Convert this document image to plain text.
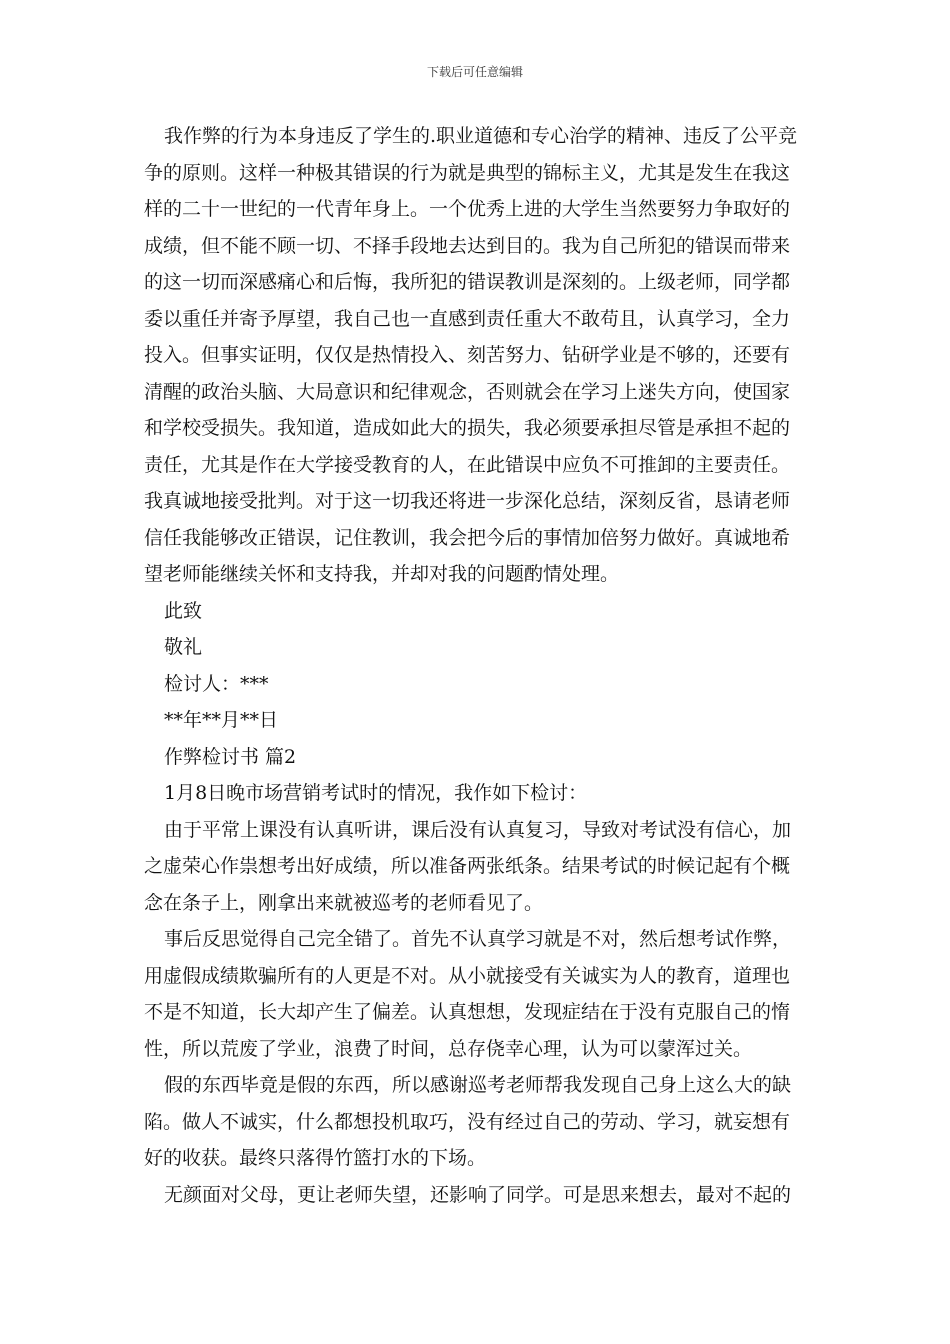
下载后可任意编辑
我作弊的行为本身违反了学生的.职业道德和专心治学的精神、违反了公平竞
争的原则。这样一种极其错误的行为就是典型的锦标主义，尤其是发生在我这
样的二十一世纪的一代青年身上。一个优秀上进的大学生当然要努力争取好的
成绩，但不能不顾一切、不择手段地去达到目的。我为自己所犯的错误而带来
的这一切而深感痛心和后悔，我所犯的错误教训是深刻的。上级老师，同学都
委以重任并寄予厚望，我自己也一直感到责任重大不敢苟且，认真学习，全力
投入。但事实证明，仅仅是热情投入、刻苦努力、钻研学业是不够的，还要有
清醒的政治头脑、大局意识和纪律观念，否则就会在学习上迷失方向，使国家
和学校受损失。我知道，造成如此大的损失，我必须要承担尽管是承担不起的
责任，尤其是作在大学接受教育的人，在此错误中应负不可推卸的主要责任。
我真诚地接受批判。对于这一切我还将进一步深化总结，深刻反省，恳请老师
信任我能够改正错误，记住教训，我会把今后的事情加倍努力做好。真诚地希
望老师能继续关怀和支持我，并却对我的问题酌情处理。
此致
敬礼
检讨人：***
**年**月**日
作弊检讨书 篇2
1月8日晚市场营销考试时的情况，我作如下检讨：
由于平常上课没有认真听讲，课后没有认真复习，导致对考试没有信心，加
之虚荣心作祟想考出好成绩，所以准备两张纸条。结果考试的时候记起有个概
念在条子上，刚拿出来就被巡考的老师看见了。
事后反思觉得自己完全错了。首先不认真学习就是不对，然后想考试作弊，
用虚假成绩欺骗所有的人更是不对。从小就接受有关诚实为人的教育，道理也
不是不知道，长大却产生了偏差。认真想想，发现症结在于没有克服自己的惰
性，所以荒废了学业，浪费了时间，总存侥幸心理，认为可以蒙浑过关。
假的东西毕竟是假的东西，所以感谢巡考老师帮我发现自己身上这么大的缺
陷。做人不诚实，什么都想投机取巧，没有经过自己的劳动、学习，就妄想有
好的收获。最终只落得竹篮打水的下场。
无颜面对父母，更让老师失望，还影响了同学。可是思来想去，最对不起的
